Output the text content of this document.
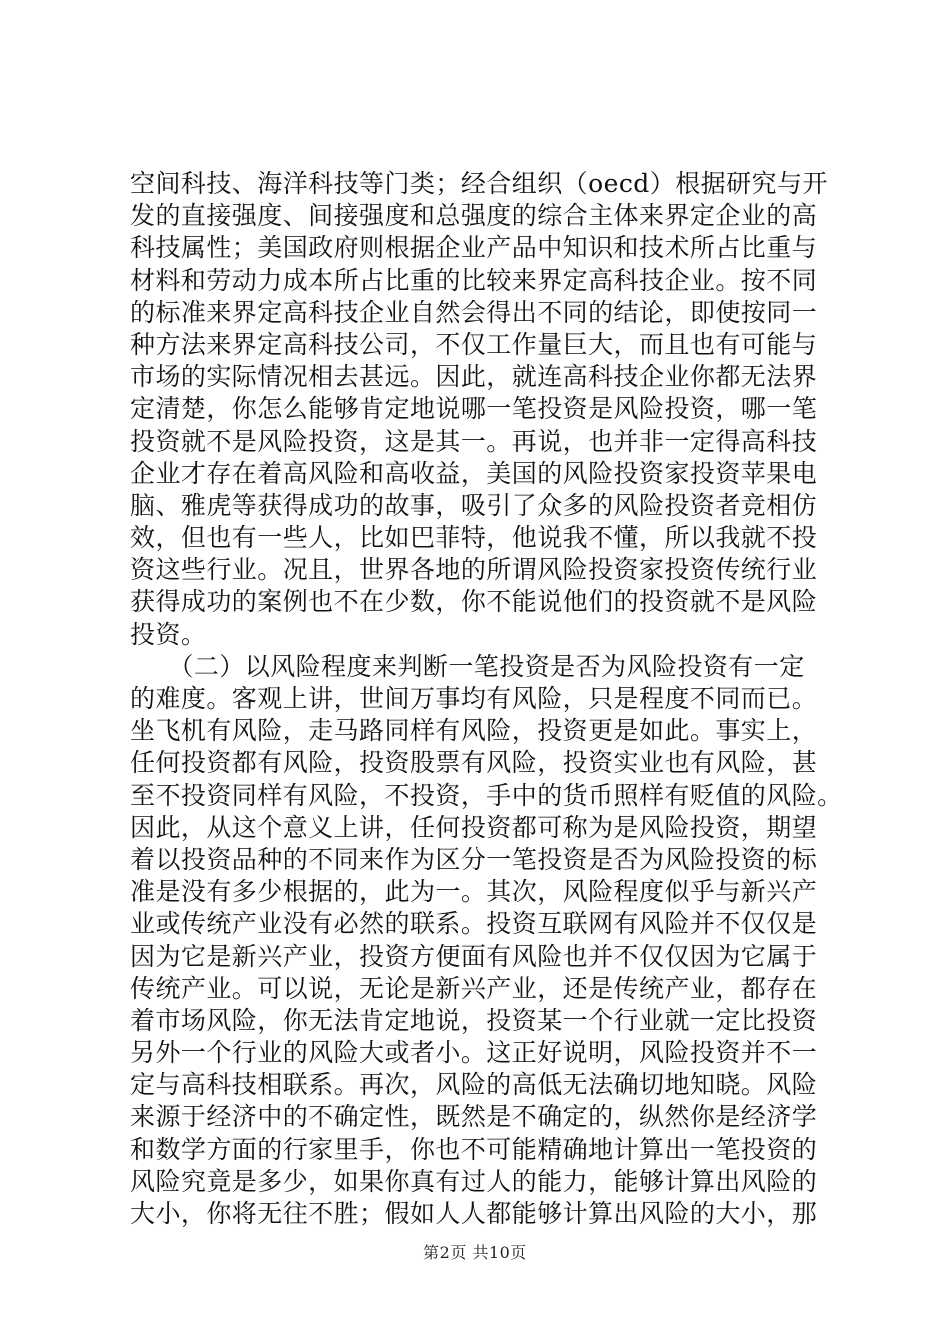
空间科技、海洋科技等门类；经合组织（oecd）根据研究与开
发的直接强度、间接强度和总强度的综合主体来界定企业的高
科技属性；美国政府则根据企业产品中知识和技术所占比重与
材料和劳动力成本所占比重的比较来界定高科技企业。按不同
的标准来界定高科技企业自然会得出不同的结论，即使按同一
种方法来界定高科技公司，不仅工作量巨大，而且也有可能与
市场的实际情况相去甚远。因此，就连高科技企业你都无法界
定清楚，你怎么能够肯定地说哪一笔投资是风险投资，哪一笔
投资就不是风险投资，这是其一。再说，也并非一定得高科技
企业才存在着高风险和高收益，美国的风险投资家投资苹果电
脑、雅虎等获得成功的故事，吸引了众多的风险投资者竞相仿
效，但也有一些人，比如巴菲特，他说我不懂，所以我就不投
资这些行业。况且，世界各地的所谓风险投资家投资传统行业
获得成功的案例也不在少数，你不能说他们的投资就不是风险
投资。
　　（二）以风险程度来判断一笔投资是否为风险投资有一定
的难度。客观上讲，世间万事均有风险，只是程度不同而已。
坐飞机有风险，走马路同样有风险，投资更是如此。事实上，
任何投资都有风险，投资股票有风险，投资实业也有风险，甚
至不投资同样有风险，不投资，手中的货币照样有贬值的风险。
因此，从这个意义上讲，任何投资都可称为是风险投资，期望
着以投资品种的不同来作为区分一笔投资是否为风险投资的标
准是没有多少根据的，此为一。其次，风险程度似乎与新兴产
业或传统产业没有必然的联系。投资互联网有风险并不仅仅是
因为它是新兴产业，投资方便面有风险也并不仅仅因为它属于
传统产业。可以说，无论是新兴产业，还是传统产业，都存在
着市场风险，你无法肯定地说，投资某一个行业就一定比投资
另外一个行业的风险大或者小。这正好说明，风险投资并不一
定与高科技相联系。再次，风险的高低无法确切地知晓。风险
来源于经济中的不确定性，既然是不确定的，纵然你是经济学
和数学方面的行家里手，你也不可能精确地计算出一笔投资的
风险究竟是多少，如果你真有过人的能力，能够计算出风险的
大小，你将无往不胜；假如人人都能够计算出风险的大小，那
第2页 共10页
